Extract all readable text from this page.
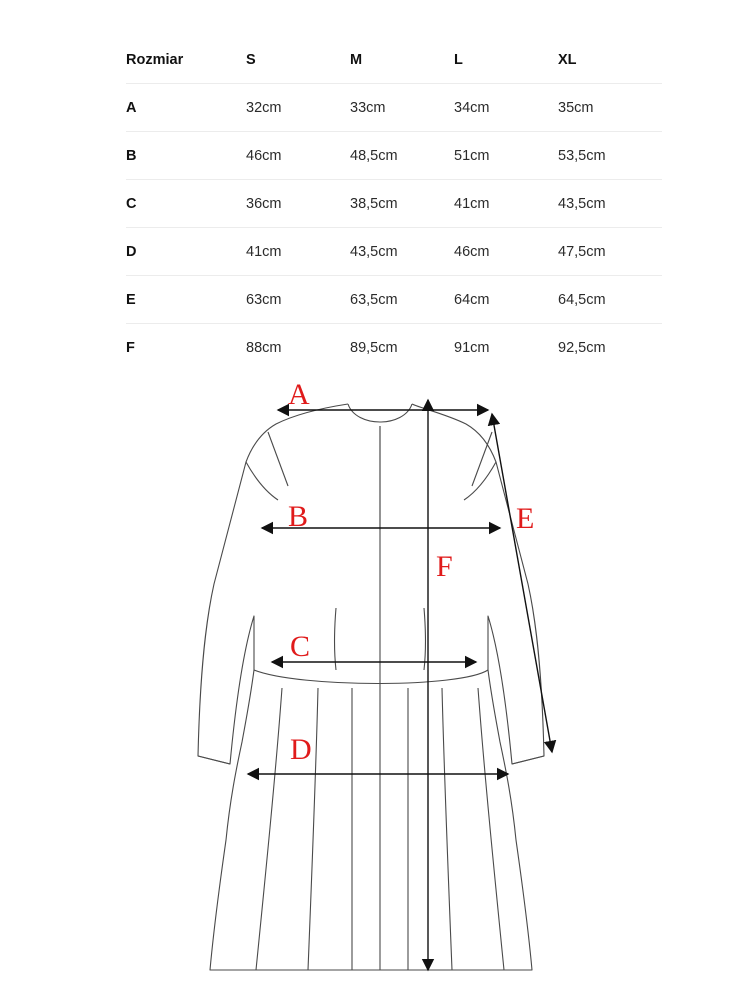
Rozmiar	S	M	L	XL
A	32cm	33cm	34cm	35cm
B	46cm	48,5cm	51cm	53,5cm
C	36cm	38,5cm	41cm	43,5cm
D	41cm	43,5cm	46cm	47,5cm
E	63cm	63,5cm	64cm	64,5cm
F	88cm	89,5cm	91cm	92,5cm
A
B
C
D
E
F
